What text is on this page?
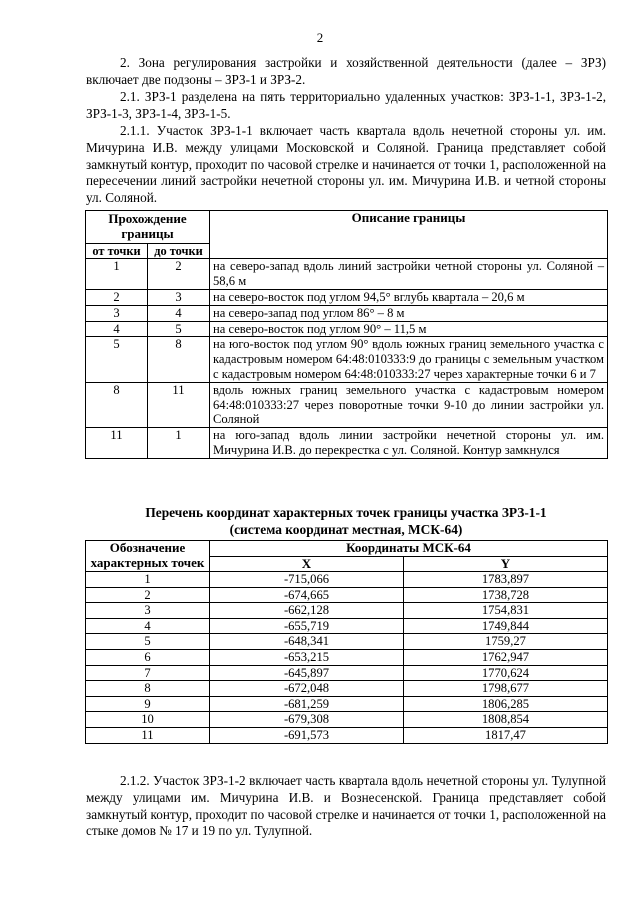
2
2. Зона регулирования застройки и хозяйственной деятельности (далее – ЗРЗ) включает две подзоны – ЗРЗ-1 и ЗРЗ-2.
2.1. ЗРЗ-1 разделена на пять территориально удаленных участков: ЗРЗ-1-1, ЗРЗ-1-2, ЗРЗ-1-3, ЗРЗ-1-4, ЗРЗ-1-5.
2.1.1. Участок ЗРЗ-1-1 включает часть квартала вдоль нечетной стороны ул. им. Мичурина И.В. между улицами Московской и Соляной. Граница представляет собой замкнутый контур, проходит по часовой стрелке и начинается от точки 1, расположенной на пересечении линий застройки нечетной стороны ул. им. Мичурина И.В. и четной стороны ул. Соляной.
Прохождение границы		Описание границы
от точки	до точки	
1	2	на северо-запад вдоль линий застройки четной стороны ул. Соляной – 58,6 м
2	3	на северо-восток под углом 94,5° вглубь квартала – 20,6 м
3	4	на северо-запад под углом 86° – 8 м
4	5	на северо-восток под углом 90° – 11,5 м
5	8	на юго-восток под углом 90° вдоль южных границ земельного участка с кадастровым номером 64:48:010333:9 до границы с земельным участком с кадастровым номером 64:48:010333:27 через характерные точки 6 и 7
8	11	вдоль южных границ земельного участка с кадастровым номером 64:48:010333:27 через поворотные точки 9-10 до линии застройки ул. Соляной
11	1	на юго-запад вдоль линии застройки нечетной стороны ул. им. Мичурина И.В. до перекрестка с ул. Соляной. Контур замкнулся
Перечень координат характерных точек границы участка ЗРЗ-1-1
(система координат местная, МСК-64)
Обозначение характерных точек	Координаты МСК-64	
	X	Y
1	-715,066	1783,897
2	-674,665	1738,728
3	-662,128	1754,831
4	-655,719	1749,844
5	-648,341	1759,27
6	-653,215	1762,947
7	-645,897	1770,624
8	-672,048	1798,677
9	-681,259	1806,285
10	-679,308	1808,854
11	-691,573	1817,47
2.1.2. Участок ЗРЗ-1-2 включает часть квартала вдоль нечетной стороны ул. Тулупной между улицами им. Мичурина И.В. и Вознесенской. Граница представляет собой замкнутый контур, проходит по часовой стрелке и начинается от точки 1, расположенной на стыке домов № 17 и 19 по ул. Тулупной.
